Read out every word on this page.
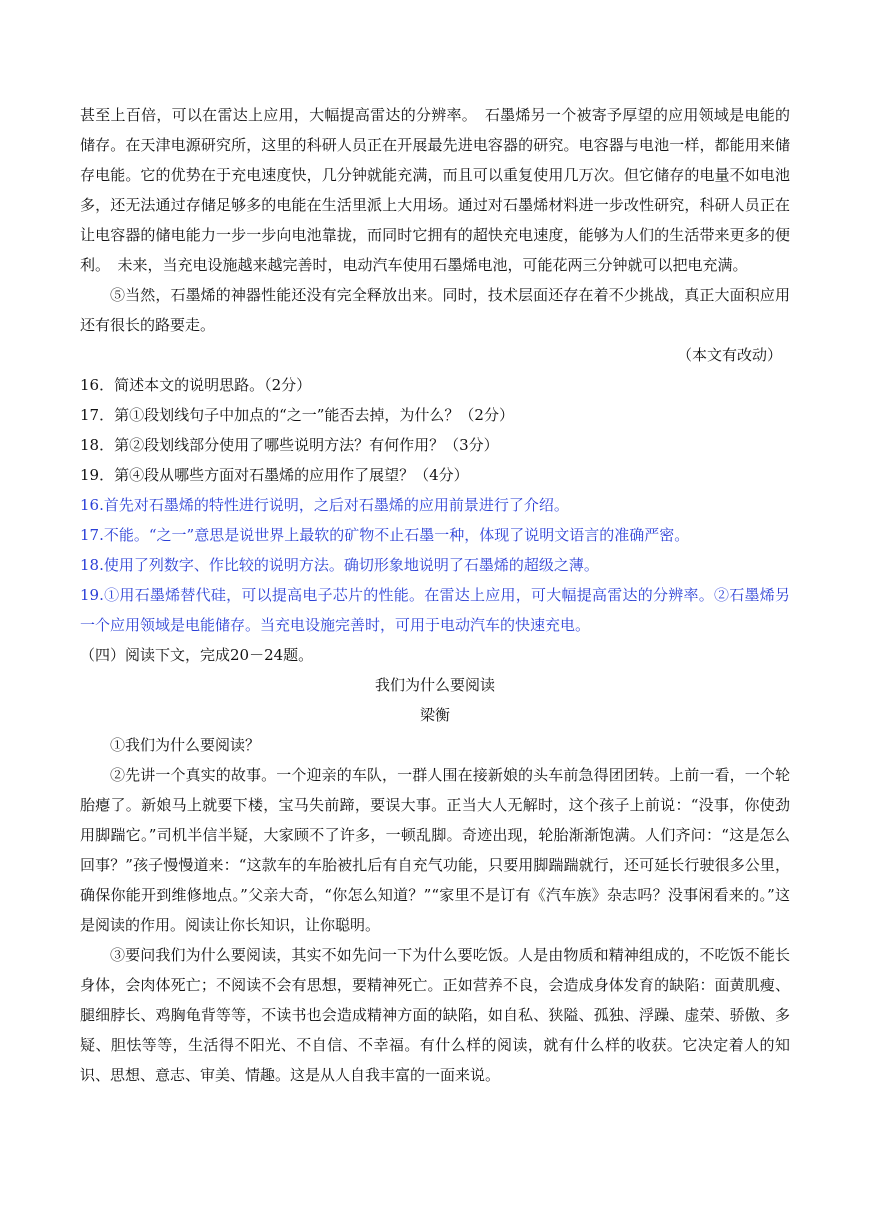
甚至上百倍，可以在雷达上应用，大幅提高雷达的分辨率。　石墨烯另一个被寄予厚望的应用领域是电能的储存。在天津电源研究所，这里的科研人员正在开展最先进电容器的研究。电容器与电池一样，都能用来储存电能。它的优势在于充电速度快，几分钟就能充满，而且可以重复使用几万次。但它储存的电量不如电池多，还无法通过存储足够多的电能在生活里派上大用场。通过对石墨烯材料进一步改性研究，科研人员正在让电容器的储电能力一步一步向电池靠拢，而同时它拥有的超快充电速度，能够为人们的生活带来更多的便利。　未来，当充电设施越来越完善时，电动汽车使用石墨烯电池，可能花两三分钟就可以把电充满。

⑤当然，石墨烯的神器性能还没有完全释放出来。同时，技术层面还存在着不少挑战，真正大面积应用还有很长的路要走。

（本文有改动）

16．简述本文的说明思路。（2分）

17．第①段划线句子中加点的“之一”能否去掉，为什么？（2分）

18．第②段划线部分使用了哪些说明方法？有何作用？（3分）

19．第④段从哪些方面对石墨烯的应用作了展望？（4分）

16.首先对石墨烯的特性进行说明，之后对石墨烯的应用前景进行了介绍。

17.不能。“之一”意思是说世界上最软的矿物不止石墨一种，体现了说明文语言的准确严密。

18.使用了列数字、作比较的说明方法。确切形象地说明了石墨烯的超级之薄。

19.①用石墨烯替代硅，可以提高电子芯片的性能。在雷达上应用，可大幅提高雷达的分辨率。②石墨烯另一个应用领域是电能储存。当充电设施完善时，可用于电动汽车的快速充电。

（四）阅读下文，完成20－24题。

我们为什么要阅读

梁衡

①我们为什么要阅读？

②先讲一个真实的故事。一个迎亲的车队，一群人围在接新娘的头车前急得团团转。上前一看，一个轮胎瘪了。新娘马上就要下楼，宝马失前蹄，要误大事。正当大人无解时，这个孩子上前说：“没事，你使劲用脚踹它。”司机半信半疑，大家顾不了许多，一顿乱脚。奇迹出现，轮胎渐渐饱满。人们齐问：“这是怎么回事？”孩子慢慢道来：“这款车的车胎被扎后有自充气功能，只要用脚踹踹就行，还可延长行驶很多公里，确保你能开到维修地点。”父亲大奇，“你怎么知道？”“家里不是订有《汽车族》杂志吗？没事闲看来的。”这是阅读的作用。阅读让你长知识，让你聪明。

③要问我们为什么要阅读，其实不如先问一下为什么要吃饭。人是由物质和精神组成的，不吃饭不能长身体，会肉体死亡；不阅读不会有思想，要精神死亡。正如营养不良，会造成身体发育的缺陷：面黄肌瘦、腿细脖长、鸡胸龟背等等，不读书也会造成精神方面的缺陷，如自私、狭隘、孤独、浮躁、虚荣、骄傲、多疑、胆怯等等，生活得不阳光、不自信、不幸福。有什么样的阅读，就有什么样的收获。它决定着人的知识、思想、意志、审美、情趣。这是从人自我丰富的一面来说。
